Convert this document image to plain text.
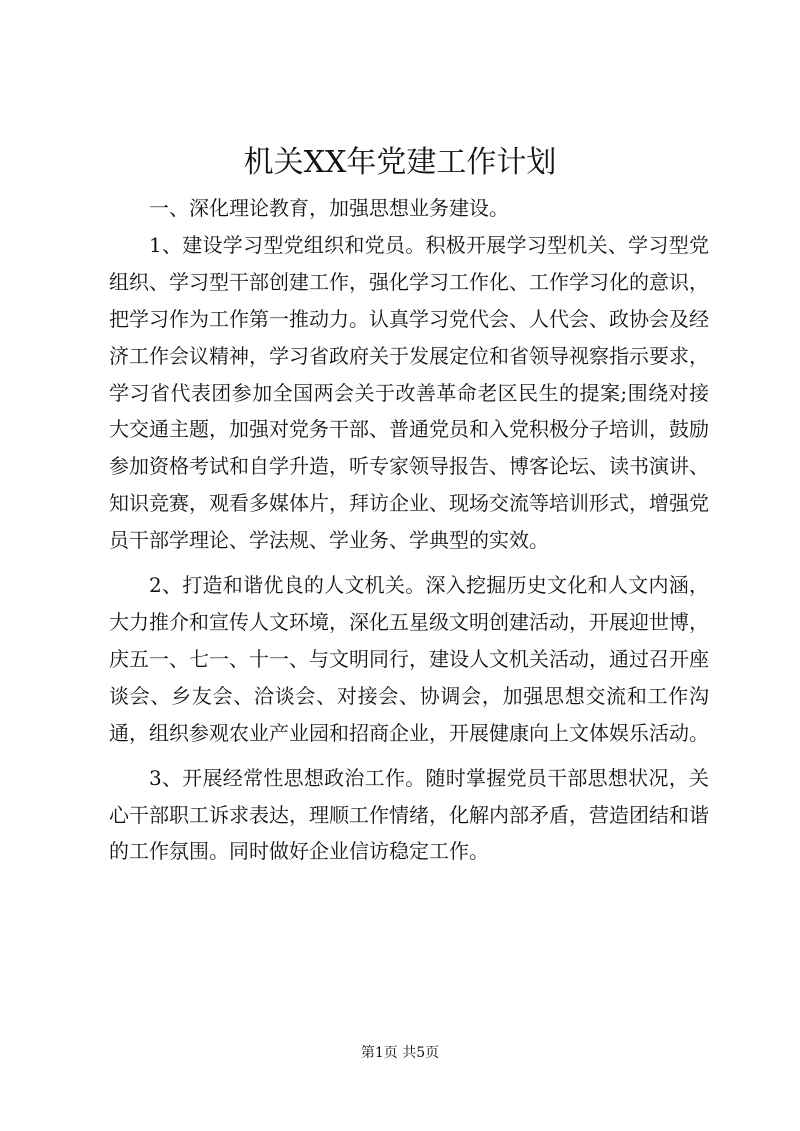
机关XX年党建工作计划

一、深化理论教育，加强思想业务建设。

1、建设学习型党组织和党员。积极开展学习型机关、学习型党组织、学习型干部创建工作，强化学习工作化、工作学习化的意识，把学习作为工作第一推动力。认真学习党代会、人代会、政协会及经济工作会议精神，学习省政府关于发展定位和省领导视察指示要求，学习省代表团参加全国两会关于改善革命老区民生的提案;围绕对接大交通主题，加强对党务干部、普通党员和入党积极分子培训，鼓励参加资格考试和自学升造，听专家领导报告、博客论坛、读书演讲、知识竞赛，观看多媒体片，拜访企业、现场交流等培训形式，增强党员干部学理论、学法规、学业务、学典型的实效。

2、打造和谐优良的人文机关。深入挖掘历史文化和人文内涵，大力推介和宣传人文环境，深化五星级文明创建活动，开展迎世博，庆五一、七一、十一、与文明同行，建设人文机关活动，通过召开座谈会、乡友会、洽谈会、对接会、协调会，加强思想交流和工作沟通，组织参观农业产业园和招商企业，开展健康向上文体娱乐活动。

3、开展经常性思想政治工作。随时掌握党员干部思想状况，关心干部职工诉求表达，理顺工作情绪，化解内部矛盾，营造团结和谐的工作氛围。同时做好企业信访稳定工作。

第1页 共5页
